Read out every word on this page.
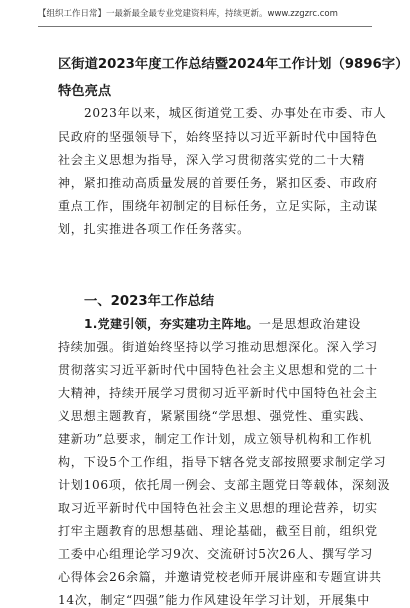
【组织工作日常】一最新最全最专业党建资料库，持续更新。www.zzgzrc.com
区街道2023年度工作总结暨2024年工作计划（9896字）
特色亮点
2023年以来，城区街道党工委、办事处在市委、市人
民政府的坚强领导下，始终坚持以习近平新时代中国特色
社会主义思想为指导，深入学习贯彻落实党的二十大精
神，紧扣推动高质量发展的首要任务，紧扣区委、市政府
重点工作，围绕年初制定的目标任务，立足实际，主动谋
划，扎实推进各项工作任务落实。
一、2023年工作总结
1.党建引领，夯实建功主阵地。一是思想政治建设
持续加强。街道始终坚持以学习推动思想深化。深入学习
贯彻落实习近平新时代中国特色社会主义思想和党的二十
大精神，持续开展学习贯彻习近平新时代中国特色社会主
义思想主题教育，紧紧围绕“学思想、强党性、重实践、
建新功”总要求，制定工作计划，成立领导机构和工作机
构，下设5个工作组，指导下辖各党支部按照要求制定学习
计划106项，依托周一例会、支部主题党日等载体，深刻汲
取习近平新时代中国特色社会主义思想的理论营养，切实
打牢主题教育的思想基础、理论基础，截至目前，组织党
工委中心组理论学习9次、交流研讨5次26人、撰写学习
心得体会26余篇，并邀请党校老师开展讲座和专题宣讲共
14次，制定“四强”能力作风建设年学习计划，开展集中
